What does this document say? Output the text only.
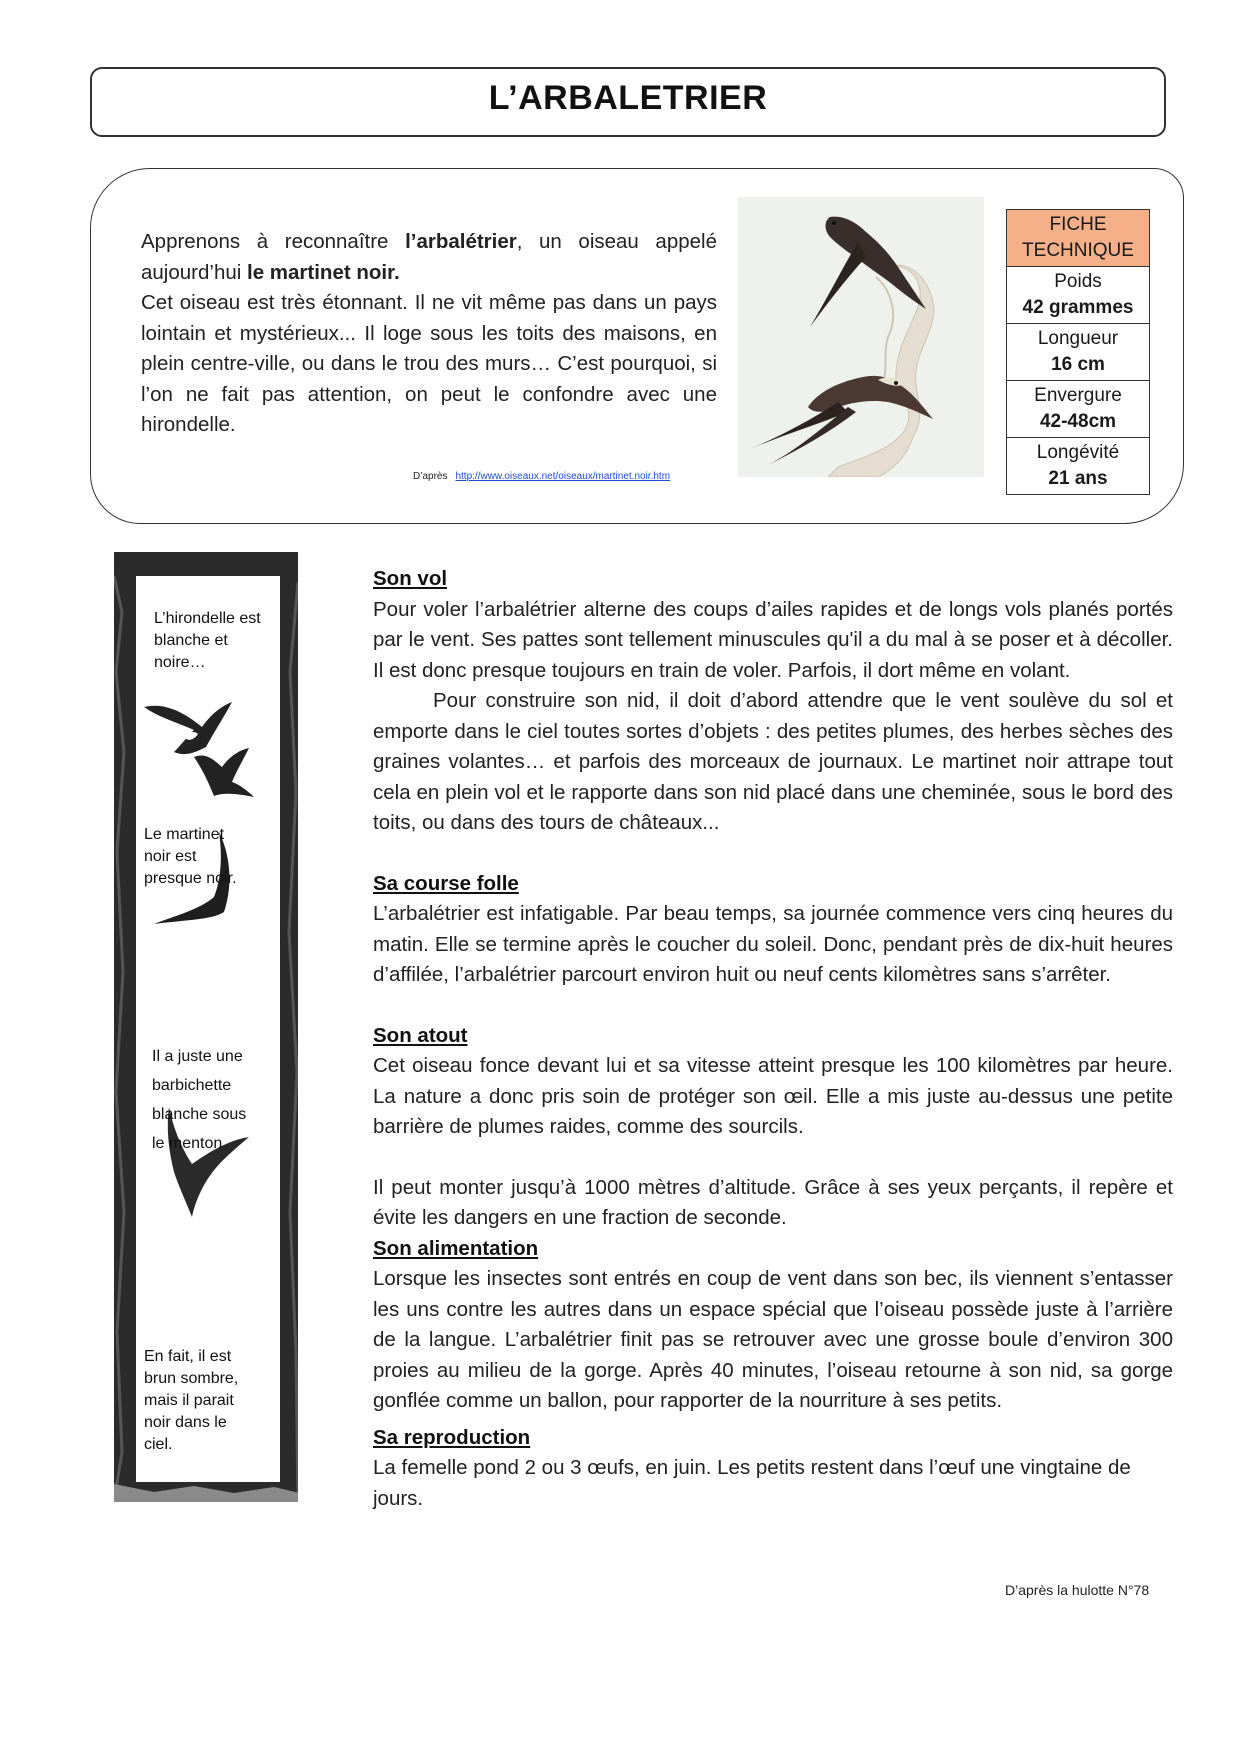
L’ARBALETRIER

Apprenons à reconnaître l’arbalétrier, un oiseau appelé aujourd’hui le martinet noir.

Cet oiseau est très étonnant. Il ne vit même pas dans un pays lointain et mystérieux... Il loge sous les toits des maisons, en plein centre-ville, ou dans le trou des murs… C’est pourquoi, si l’on ne fait pas attention, on peut le confondre avec une hirondelle.

D’après http://www.oiseaux.net/oiseaux/martinet.noir.htm
FICHE TECHNIQUE
Poids
42 grammes
Longueur
16 cm
Envergure
42-48cm
Longévité
21 ans
L’hirondelle est blanche et noire…
Le martinet noir est presque noir.
Il a juste une barbichette blanche sous le menton
En fait, il est brun sombre, mais il parait noir dans le ciel.
Son vol

Pour voler l’arbalétrier alterne des coups d’ailes rapides et de longs vols planés portés par le vent. Ses pattes sont tellement minuscules qu'il a du mal à se poser et à décoller. Il est donc presque toujours en train de voler. Parfois, il dort même en volant.

Pour construire son nid, il doit d’abord attendre que le vent soulève du sol et emporte dans le ciel toutes sortes d’objets : des petites plumes, des herbes sèches des graines volantes… et parfois des morceaux de journaux. Le martinet noir attrape tout cela en plein vol et le rapporte dans son nid placé dans une cheminée, sous le bord des toits, ou dans des tours de châteaux...

Sa course folle

L’arbalétrier est infatigable. Par beau temps, sa journée commence vers cinq heures du matin. Elle se termine après le coucher du soleil. Donc, pendant près de dix-huit heures d’affilée, l’arbalétrier parcourt environ huit ou neuf cents kilomètres sans s’arrêter.

Son atout

Cet oiseau fonce devant lui et sa vitesse atteint presque les 100 kilomètres par heure. La nature a donc pris soin de protéger son œil. Elle a mis juste au-dessus une petite barrière de plumes raides, comme des sourcils.

Il peut monter jusqu’à 1000 mètres d’altitude. Grâce à ses yeux perçants, il repère et évite les dangers en une fraction de seconde.

Son alimentation

Lorsque les insectes sont entrés en coup de vent dans son bec, ils viennent s’entasser les uns contre les autres dans un espace spécial que l’oiseau possède juste à l’arrière de la langue. L’arbalétrier finit pas se retrouver avec une grosse boule d’environ 300 proies au milieu de la gorge. Après 40 minutes, l’oiseau retourne à son nid, sa gorge gonflée comme un ballon, pour rapporter de la nourriture à ses petits.

Sa reproduction

La femelle pond 2 ou 3 œufs, en juin. Les petits restent dans l’œuf une vingtaine de jours.

D’après la hulotte N°78
